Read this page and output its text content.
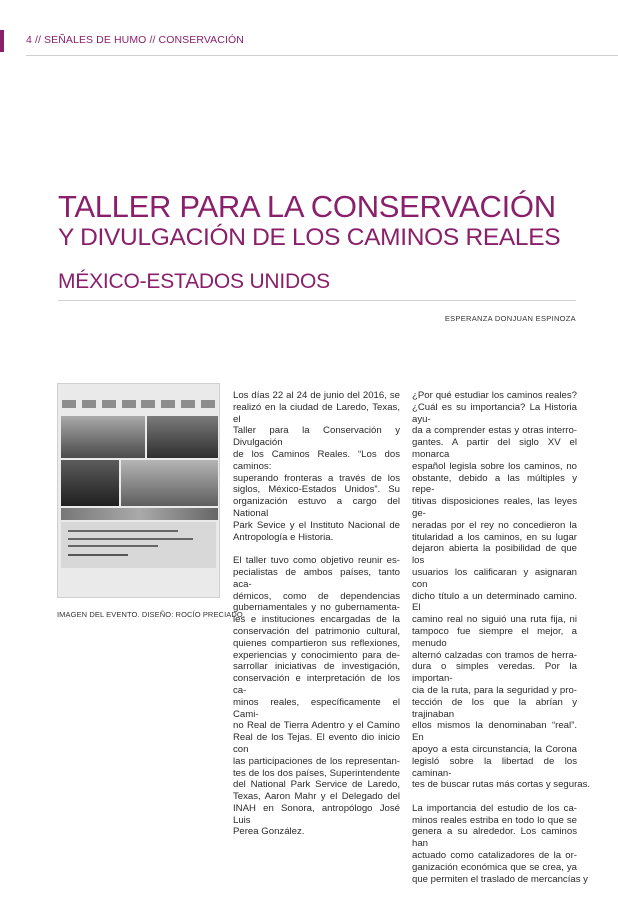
4 // SEÑALES DE HUMO // CONSERVACIÓN
TALLER PARA LA CONSERVACIÓN
Y DIVULGACIÓN DE LOS CAMINOS REALES
MÉXICO-ESTADOS UNIDOS
ESPERANZA DONJUAN ESPINOZA
IMAGEN DEL EVENTO. DISEÑO: ROCÍO PRECIADO.

Los días 22 al 24 de junio del 2016, se
realizó en la ciudad de Laredo, Texas, el
Taller para la Conservación y Divulgación
de los Caminos Reales. “Los dos caminos:
superando fronteras a través de los
siglos, México-Estados Unidos”. Su
organización estuvo a cargo del National
Park Sevice y el Instituto Nacional de
Antropología e Historia.

El taller tuvo como objetivo reunir es-
pecialistas de ambos países, tanto aca-
démicos, como de dependencias
gubernamentales y no gubernamenta-
les e instituciones encargadas de la
conservación del patrimonio cultural,
quienes compartieron sus reflexiones,
experiencias y conocimiento para de-
sarrollar iniciativas de investigación,
conservación e interpretación de los ca-
minos reales, específicamente el Cami-
no Real de Tierra Adentro y el Camino
Real de los Tejas. El evento dio inicio con
las participaciones de los representan-
tes de los dos países, Superintendente
del National Park Service de Laredo,
Texas, Aaron Mahr y el Delegado del
INAH en Sonora, antropólogo José Luis
Perea González.

¿Por qué estudiar los caminos reales?
¿Cuál es su importancia? La Historia ayu-
da a comprender estas y otras interro-
gantes. A partir del siglo XV el monarca
español legisla sobre los caminos, no
obstante, debido a las múltiples y repe-
titivas disposiciones reales, las leyes ge-
neradas por el rey no concedieron la
titularidad a los caminos, en su lugar
dejaron abierta la posibilidad de que los
usuarios los calificaran y asignaran con
dicho título a un determinado camino. El
camino real no siguió una ruta fija, ni
tampoco fue siempre el mejor, a menudo
alternó calzadas con tramos de herra-
dura o simples veredas. Por la importan-
cia de la ruta, para la seguridad y pro-
tección de los que la abrían y trajinaban
ellos mismos la denominaban “real”. En
apoyo a esta circunstancia, la Corona
legisló sobre la libertad de los caminan-
tes de buscar rutas más cortas y seguras.

La importancia del estudio de los ca-
minos reales estriba en todo lo que se
genera a su alrededor. Los caminos han
actuado como catalizadores de la or-
ganización económica que se crea, ya
que permiten el traslado de mercancías y
